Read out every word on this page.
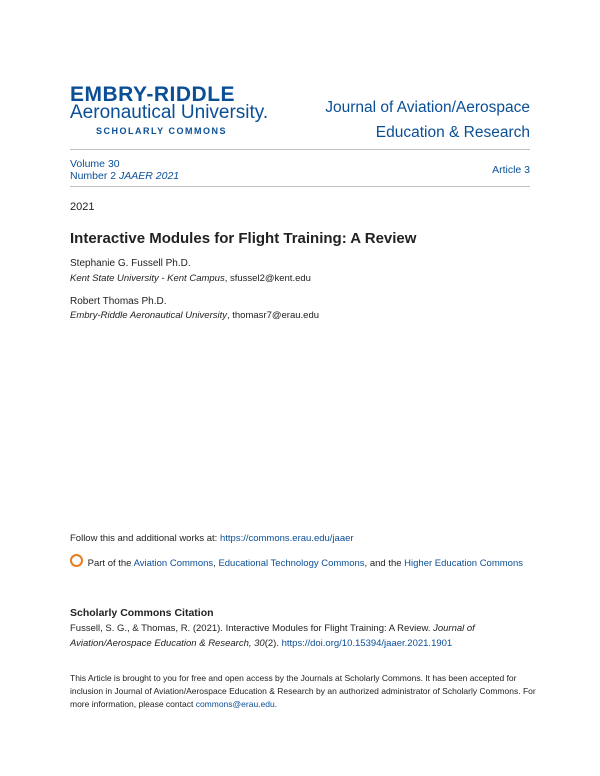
EMBRY-RIDDLE
Aeronautical University.
SCHOLARLY COMMONS
Journal of Aviation/Aerospace
Education & Research
Volume 30
Number 2 JAAER 2021	Article 3
2021
Interactive Modules for Flight Training: A Review
Stephanie G. Fussell Ph.D.
Kent State University - Kent Campus, sfussel2@kent.edu
Robert Thomas Ph.D.
Embry-Riddle Aeronautical University, thomasr7@erau.edu
Follow this and additional works at: https://commons.erau.edu/jaaer
Part of the Aviation Commons, Educational Technology Commons, and the Higher Education Commons
Scholarly Commons Citation
Fussell, S. G., & Thomas, R. (2021). Interactive Modules for Flight Training: A Review. Journal of Aviation/Aerospace Education & Research, 30(2). https://doi.org/10.15394/jaaer.2021.1901
This Article is brought to you for free and open access by the Journals at Scholarly Commons. It has been accepted for inclusion in Journal of Aviation/Aerospace Education & Research by an authorized administrator of Scholarly Commons. For more information, please contact commons@erau.edu.
